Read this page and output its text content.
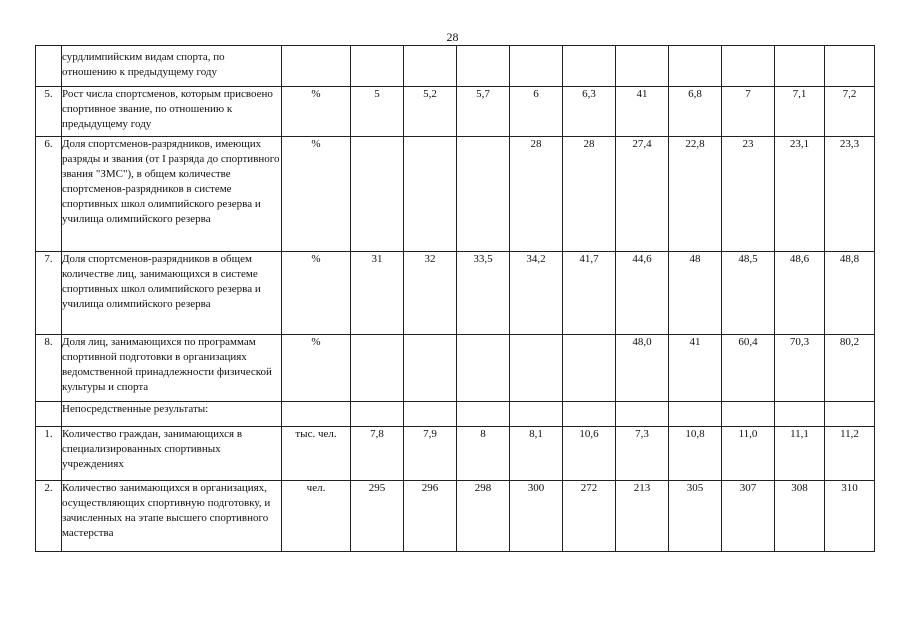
28
	сурдлимпийским видам спорта, по отношению к предыдущему году											
5.	Рост числа спортсменов, которым присвоено спортивное звание, по отношению к предыдущему году	%	5	5,2	5,7	6	6,3	41	6,8	7	7,1	7,2
6.	Доля спортсменов-разрядников, имеющих разряды и звания (от I разряда до спортивного звания "ЗМС"), в общем количестве спортсменов-разрядников в системе спортивных школ олимпийского резерва и училища олимпийского резерва	%				28	28	27,4	22,8	23	23,1	23,3
7.	Доля спортсменов-разрядников в общем количестве лиц, занимающихся в системе спортивных школ олимпийского резерва и училища олимпийского резерва	%	31	32	33,5	34,2	41,7	44,6	48	48,5	48,6	48,8
8.	Доля лиц, занимающихся по программам спортивной подготовки в организациях ведомственной принадлежности физической культуры и спорта	%						48,0	41	60,4	70,3	80,2
	Непосредственные результаты:											
1.	Количество граждан, занимающихся в специализированных спортивных учреждениях	тыс. чел.	7,8	7,9	8	8,1	10,6	7,3	10,8	11,0	11,1	11,2
2.	Количество занимающихся в организациях, осуществляющих спортивную подготовку, и зачисленных на этапе высшего спортивного мастерства	чел.	295	296	298	300	272	213	305	307	308	310
